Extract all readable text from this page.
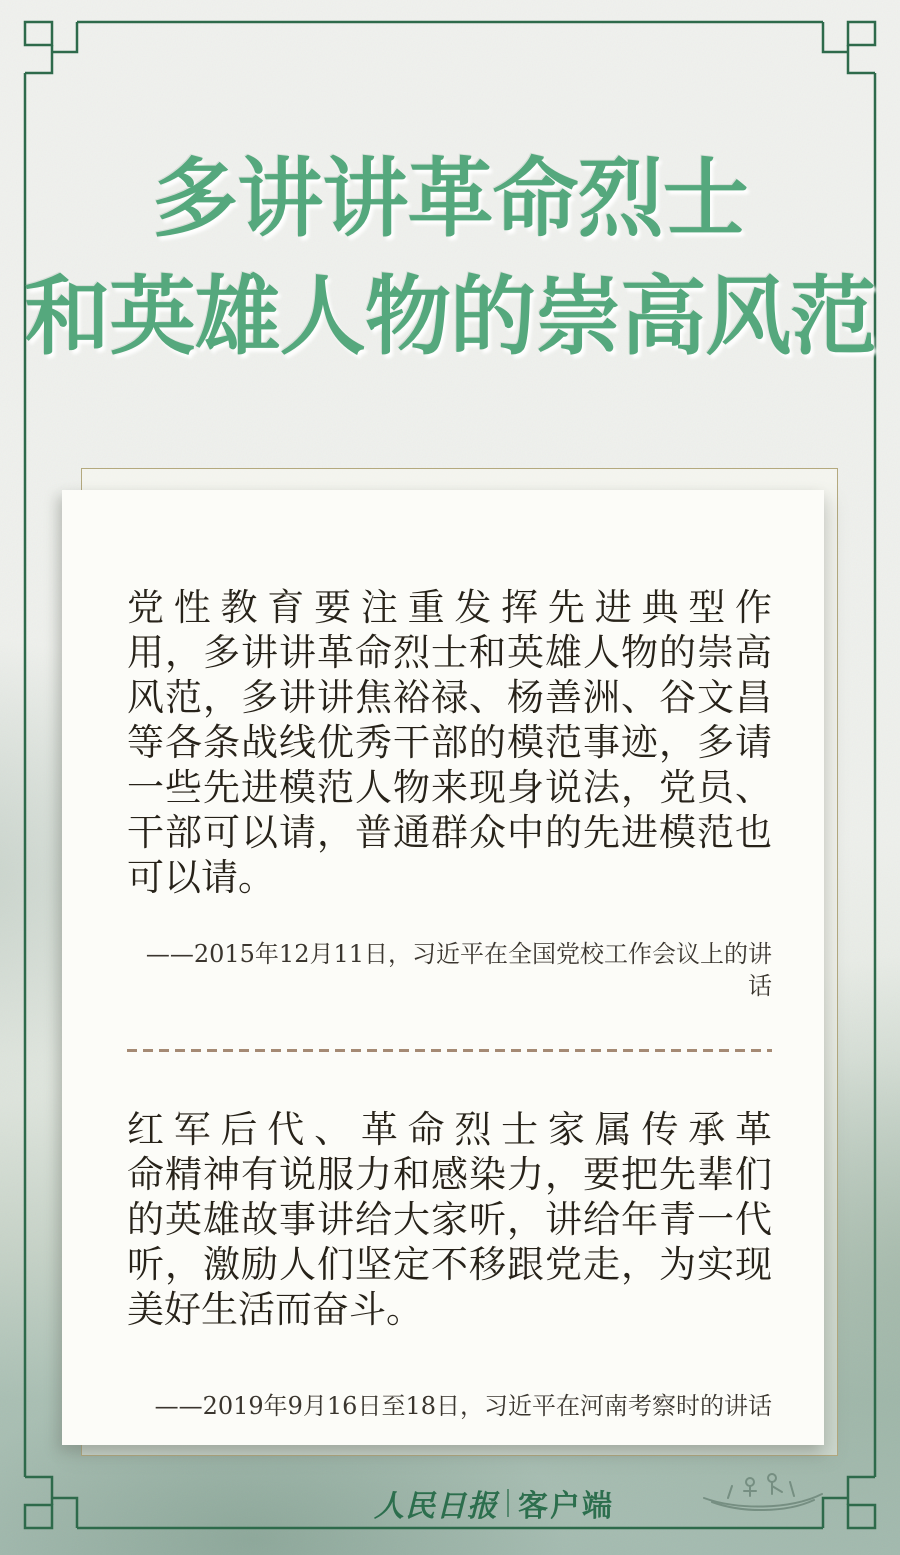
多讲讲革命烈士
和英雄人物的崇高风范
党性教育要注重发挥先进典型作
用，多讲讲革命烈士和英雄人物的崇高
风范，多讲讲焦裕禄、杨善洲、谷文昌
等各条战线优秀干部的模范事迹，多请
一些先进模范人物来现身说法，党员、
干部可以请，普通群众中的先进模范也
可以请。
——2015年12月11日，习近平在全国党校工作会议上的讲话
红军后代、革命烈士家属传承革
命精神有说服力和感染力，要把先辈们
的英雄故事讲给大家听，讲给年青一代
听，激励人们坚定不移跟党走，为实现
美好生活而奋斗。
——2019年9月16日至18日，习近平在河南考察时的讲话
人民日报 客户端
